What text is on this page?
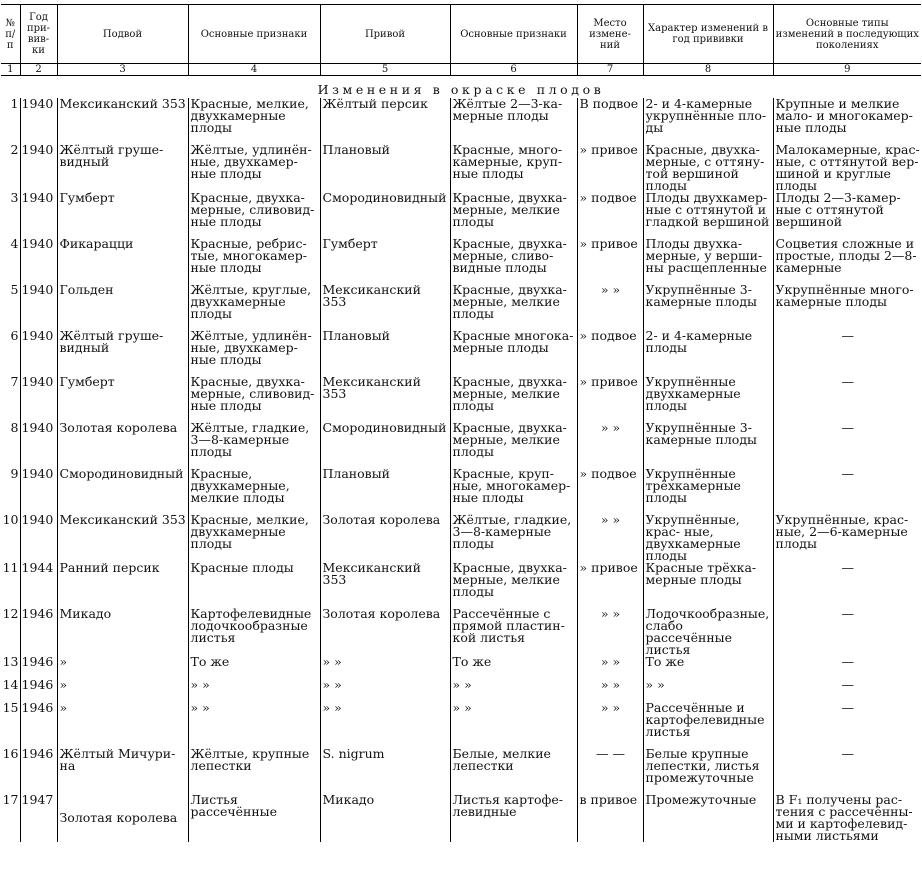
№ п/п	Год при- вив- ки	Подвой	Основные признаки	Привой	Основные признаки	Место измене- ний	Характер изменений в год прививки	Основные типы изменений в последующих поколениях
1	2	3	4	5	6	7	8	9
Изменения в окраске плодов								
1	1940	Мексиканский 353	Красные, мелкие, двухкамерные плоды	Жёлтый персик	Жёлтые 2—3-ка- мерные плоды	В подвое	2- и 4-камерные укрупнённые пло- ды	Крупные и мелкие мало- и многокамер- ные плоды
2	1940	Жёлтый груше- видный	Жёлтые, удлинён- ные, двухкамер- ные плоды	Плановый	Красные, много- камерные, круп- ные плоды	» привое	Красные, двухка- мерные, с оттяну- той вершиной плоды	Малокамерные, крас- ные, с оттянутой вер- шиной и круглые плоды
3	1940	Гумберт	Красные, двухка- мерные, сливовид- ные плоды	Смородиновидный	Красные, двухка- мерные, мелкие плоды	» подвое	Плоды двухкамер- ные с оттянутой и гладкой вершиной	Плоды 2—3-камер- ные с оттянутой вершиной
4	1940	Фикарацци	Красные, ребрис- тые, многокамер- ные плоды	Гумберт	Красные, двухка- мерные, сливо- видные плоды	» привое	Плоды двухка- мерные, у верши- ны расщепленные	Соцветия сложные и простые, плоды 2—8- камерные
5	1940	Гольден	Жёлтые, круглые, двухкамерные плоды	Мексиканский 353	Красные, двухка- мерные, мелкие плоды	» »	Укрупнённые 3- камерные плоды	Укрупнённые много- камерные плоды
6	1940	Жёлтый груше- видный	Жёлтые, удлинён- ные, двухкамер- ные плоды	Плановый	Красные многока- мерные плоды	» подвое	2- и 4-камерные плоды	—
7	1940	Гумберт	Красные, двухка- мерные, сливовид- ные плоды	Мексиканский 353	Красные, двухка- мерные, мелкие плоды	» привое	Укрупнённые двухкамерные плоды	—
8	1940	Золотая королева	Жёлтые, гладкие, 3—8-камерные плоды	Смородиновидный	Красные, двухка- мерные, мелкие плоды	» »	Укрупнённые 3- камерные плоды	—
9	1940	Смородиновидный	Красные, двухкамерные, мелкие плоды	Плановый	Красные, круп- ные, многокамер- ные плоды	» подвое	Укрупнённые трёхкамерные плоды	—
10	1940	Мексиканский 353	Красные, мелкие, двухкамерные плоды	Золотая королева	Жёлтые, гладкие, 3—8-камерные плоды	» »	Укрупнённые, крас- ные, двухкамерные плоды	Укрупнённые, крас- ные, 2—6-камерные плоды
11	1944	Ранний персик	Красные плоды	Мексиканский 353	Красные, двухка- мерные, мелкие плоды	» привое	Красные трёхка- мерные плоды	—
12	1946	Микадо	Картофелевидные лодочкообразные листья	Золотая королева	Рассечённые с прямой пластин- кой листья	» »	Лодочкообразные, слабо рассечённые листья	—
13	1946	»	То же	» »	То же	» »	То же	—
14	1946	»	» »	» »	» »	» »	» »	—
15	1946	»	» »	» »	» »	» »	Рассечённые и картофелевидные листья	—
16	1946	Жёлтый Мичури- на	Жёлтые, крупные лепестки	S. nigrum	Белые, мелкие лепестки	— —	Белые крупные лепестки, листья промежуточные	—
17	1947	Золотая королева	Листья рассечённые	Микадо	Листья картофе- левидные	в привое	Промежуточные	В F₁ получены рас- тения с рассечённы- ми и картофелевид- ными листьями
